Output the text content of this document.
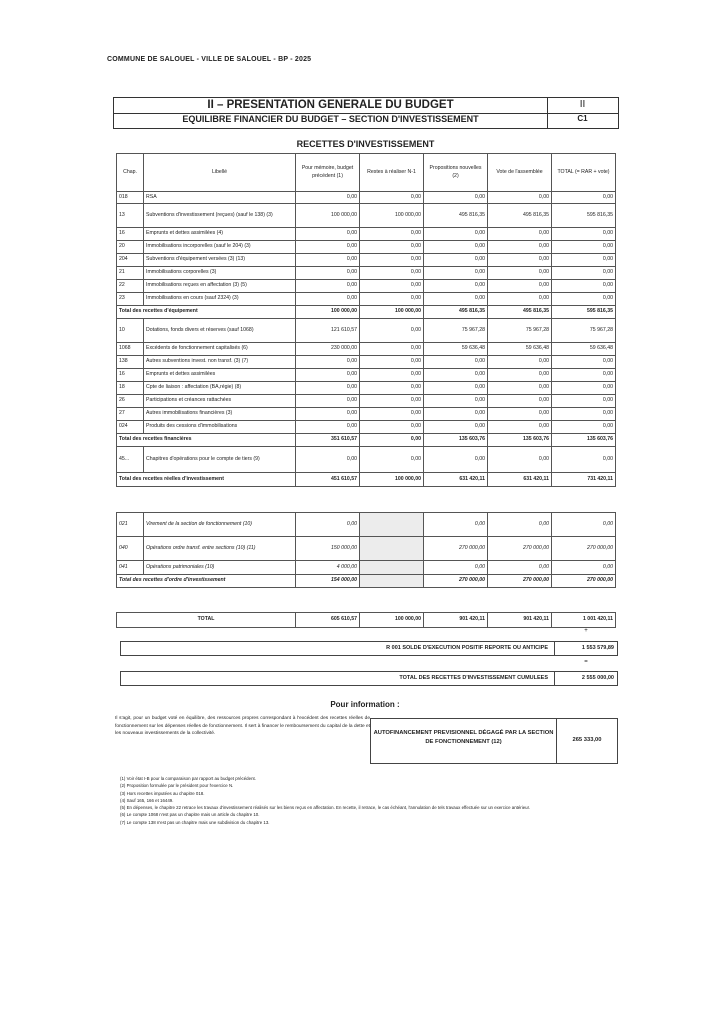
COMMUNE DE SALOUEL - VILLE DE SALOUEL - BP - 2025
II – PRESENTATION GENERALE DU BUDGET
EQUILIBRE FINANCIER DU BUDGET – SECTION D'INVESTISSEMENT
II
C1
RECETTES D'INVESTISSEMENT
Chap.	Libellé	Pour mémoire, budget précédent (1)	Restes à réaliser N-1	Propositions nouvelles (2)	Vote de l'assemblée	TOTAL (= RAR + vote)
018	RSA	0,00	0,00	0,00	0,00	0,00
13	Subventions d'investissement (reçues) (sauf le 138) (3)	100 000,00	100 000,00	495 816,35	495 816,35	595 816,35
16	Emprunts et dettes assimilées (4)	0,00	0,00	0,00	0,00	0,00
20	Immobilisations incorporelles (sauf le 204) (3)	0,00	0,00	0,00	0,00	0,00
204	Subventions d'équipement versées (3) (13)	0,00	0,00	0,00	0,00	0,00
21	Immobilisations corporelles (3)	0,00	0,00	0,00	0,00	0,00
22	Immobilisations reçues en affectation (3) (5)	0,00	0,00	0,00	0,00	0,00
23	Immobilisations en cours (sauf 2324) (3)	0,00	0,00	0,00	0,00	0,00
Total des recettes d'équipement		100 000,00	100 000,00	495 816,35	495 816,35	595 816,35
10	Dotations, fonds divers et réserves (sauf 1068)	121 610,57	0,00	75 967,28	75 967,28	75 967,28
1068	Excédents de fonctionnement capitalisés (6)	230 000,00	0,00	59 636,48	59 636,48	59 636,48
138	Autres subventions invest. non transf. (3) (7)	0,00	0,00	0,00	0,00	0,00
16	Emprunts et dettes assimilées	0,00	0,00	0,00	0,00	0,00
18	Cpte de liaison : affectation (BA,régie) (8)	0,00	0,00	0,00	0,00	0,00
26	Participations et créances rattachées	0,00	0,00	0,00	0,00	0,00
27	Autres immobilisations financières (3)	0,00	0,00	0,00	0,00	0,00
024	Produits des cessions d'immobilisations	0,00	0,00	0,00	0,00	0,00
Total des recettes financières		351 610,57	0,00	135 603,76	135 603,76	135 603,76
45...	Chapitres d'opérations pour le compte de tiers (9)	0,00	0,00	0,00	0,00	0,00
Total des recettes réelles d'investissement		451 610,57	100 000,00	631 420,11	631 420,11	731 420,11
021	Virement de la section de fonctionnement (10)	0,00		0,00	0,00	0,00
040	Opérations ordre transf. entre sections (10) (11)	150 000,00		270 000,00	270 000,00	270 000,00
041	Opérations patrimoniales (10)	4 000,00		0,00	0,00	0,00
Total des recettes d'ordre d'investissement		154 000,00		270 000,00	270 000,00	270 000,00
TOTAL	605 610,57	100 000,00	901 420,11	901 420,11	1 001 420,11
+
R 001 SOLDE D'EXECUTION POSITIF REPORTE OU ANTICIPE	1 553 579,89
=
TOTAL DES RECETTES D'INVESTISSEMENT CUMULEES	2 555 000,00
Pour information :
Il s'agit, pour un budget voté en équilibre, des ressources propres correspondant à l'excédent des recettes réelles de fonctionnement sur les dépenses réelles de fonctionnement. Il sert à financer le remboursement du capital de la dette et les nouveaux investissements de la collectivité.	AUTOFINANCEMENT PREVISIONNEL DÉGAGÉ PAR LA SECTION DE FONCTIONNEMENT (12)	265 333,00
(1) Voir état I-B pour la comparaison par rapport au budget précédent.
(2) Proposition formulée par le président pour l'exercice N.
(3) Hors recettes imputées au chapitre 018.
(4) Sauf 165, 166 et 16449.
(5) En dépenses, le chapitre 22 retrace les travaux d'investissement réalisés sur les biens reçus en affectation. En recette, il retrace, le cas échéant, l'annulation de tels travaux effectuée sur un exercice antérieur.
(6) Le compte 1068 n'est pas un chapitre mais un article du chapitre 10.
(7) Le compte 138 n'est pas un chapitre mais une subdivision du chapitre 13.
